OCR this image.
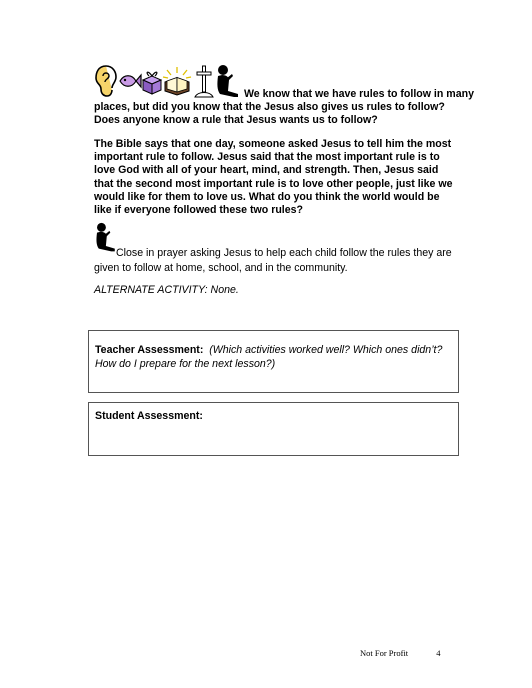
We know that we have rules to follow in many
places, but did you know that the Jesus also gives us rules to follow?
Does anyone know a rule that Jesus wants us to follow?
The Bible says that one day, someone asked Jesus to tell him the most important rule to follow. Jesus said that the most important rule is to love God with all of your heart, mind, and strength. Then, Jesus said that the second most important rule is to love other people, just like we would like for them to love us. What do you think the world would be like if everyone followed these two rules?
Close in prayer asking Jesus to help each child follow the rules they are given to follow at home, school, and in the community.
ALTERNATE ACTIVITY: None.
Teacher Assessment: (Which activities worked well? Which ones didn’t? How do I prepare for the next lesson?)
Student Assessment:
Not For Profit	4
